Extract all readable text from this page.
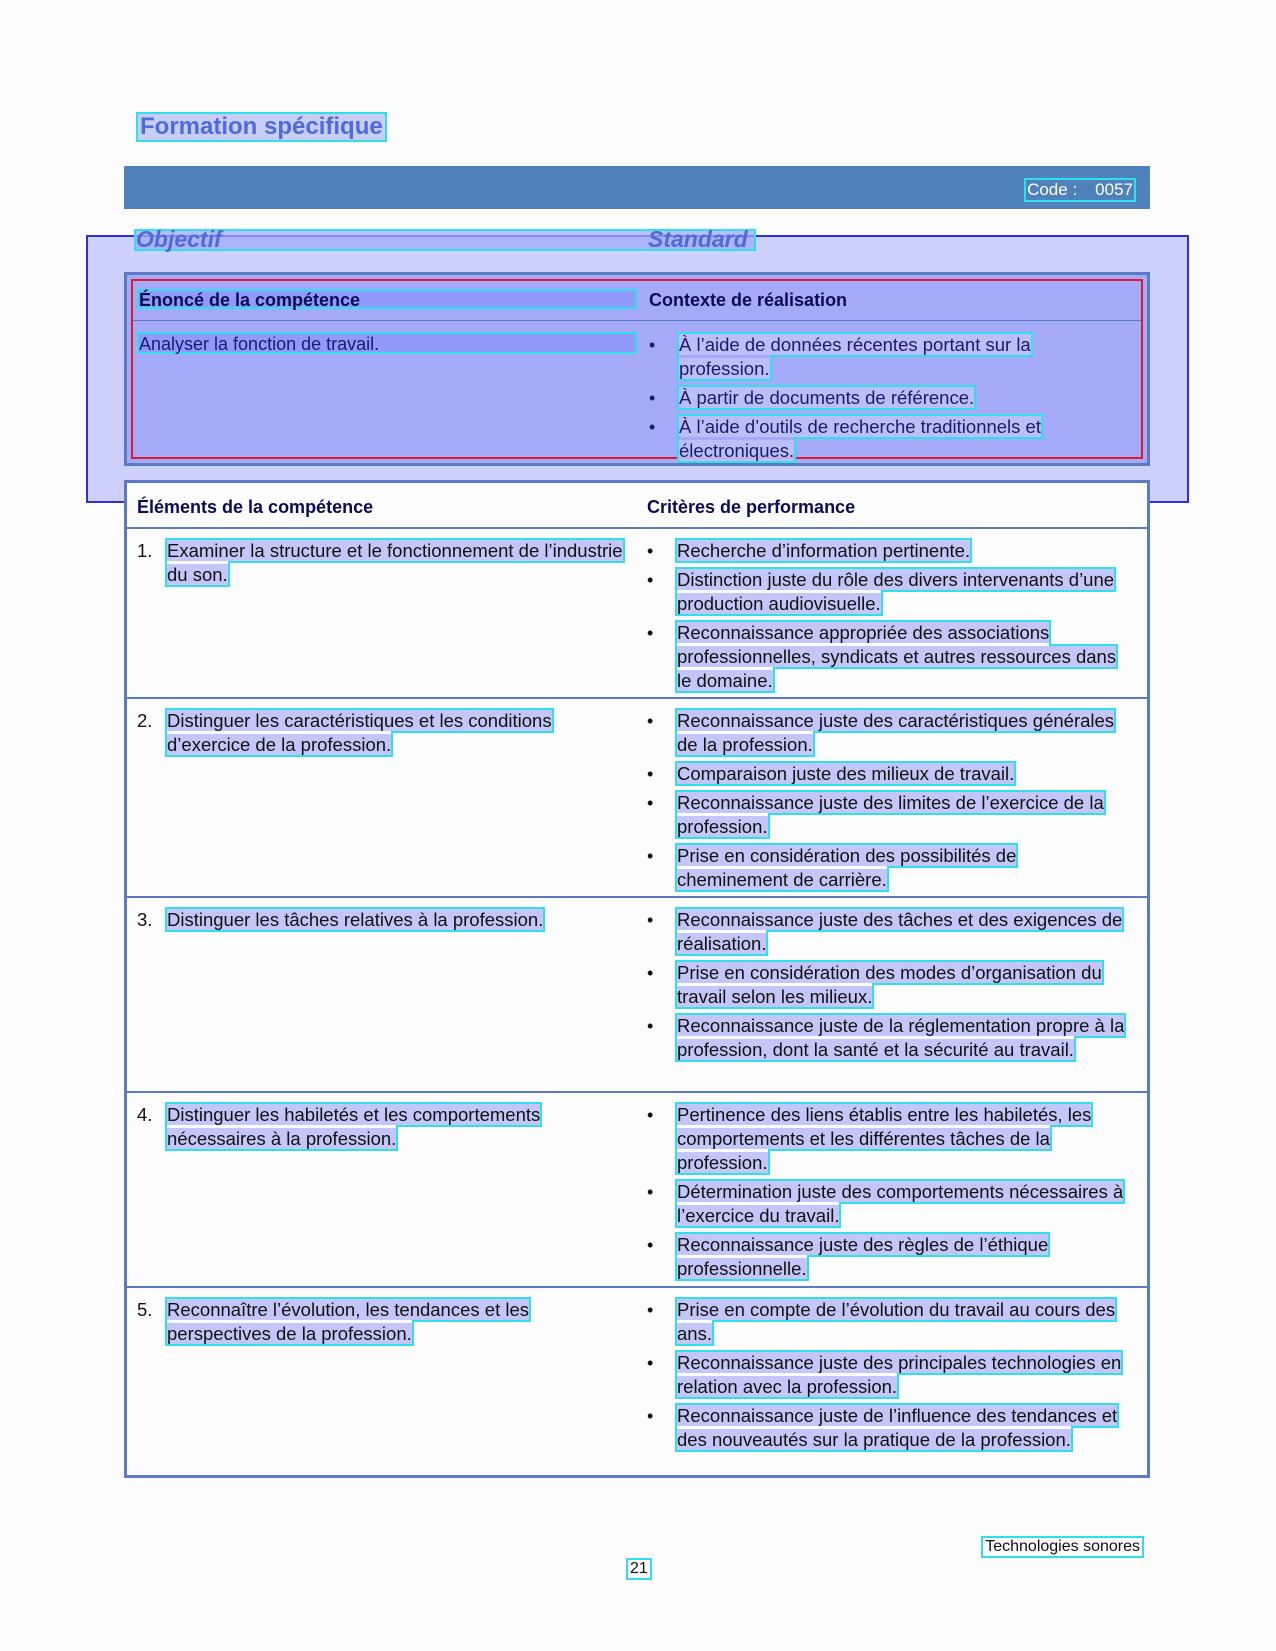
Formation spécifique
Code : 0057
Objectif	Standard
Énoncé de la compétence	Contexte de réalisation
Analyser la fonction de travail.	• À l’aide de données récentes portant sur la profession.
• À partir de documents de référence.
• À l’aide d’outils de recherche traditionnels et électroniques.
Éléments de la compétence	Critères de performance
1. Examiner la structure et le fonctionnement de l’industrie du son.
• Recherche d’information pertinente.
• Distinction juste du rôle des divers intervenants d’une production audiovisuelle.
• Reconnaissance appropriée des associations professionnelles, syndicats et autres ressources dans le domaine.
2. Distinguer les caractéristiques et les conditions d’exercice de la profession.
• Reconnaissance juste des caractéristiques générales de la profession.
• Comparaison juste des milieux de travail.
• Reconnaissance juste des limites de l’exercice de la profession.
• Prise en considération des possibilités de cheminement de carrière.
3. Distinguer les tâches relatives à la profession.	• Reconnaissance juste des tâches et des exigences de réalisation.
• Prise en considération des modes d’organisation du travail selon les milieux.
• Reconnaissance juste de la réglementation propre à la profession, dont la santé et la sécurité au travail.
4. Distinguer les habiletés et les comportements nécessaires à la profession.
• Pertinence des liens établis entre les habiletés, les comportements et les différentes tâches de la profession.
• Détermination juste des comportements nécessaires à l’exercice du travail.
• Reconnaissance juste des règles de l’éthique professionnelle.
5. Reconnaître l’évolution, les tendances et les perspectives de la profession.
• Prise en compte de l’évolution du travail au cours des ans.
• Reconnaissance juste des principales technologies en relation avec la profession.
• Reconnaissance juste de l’influence des tendances et des nouveautés sur la pratique de la profession.
Technologies sonores
21
